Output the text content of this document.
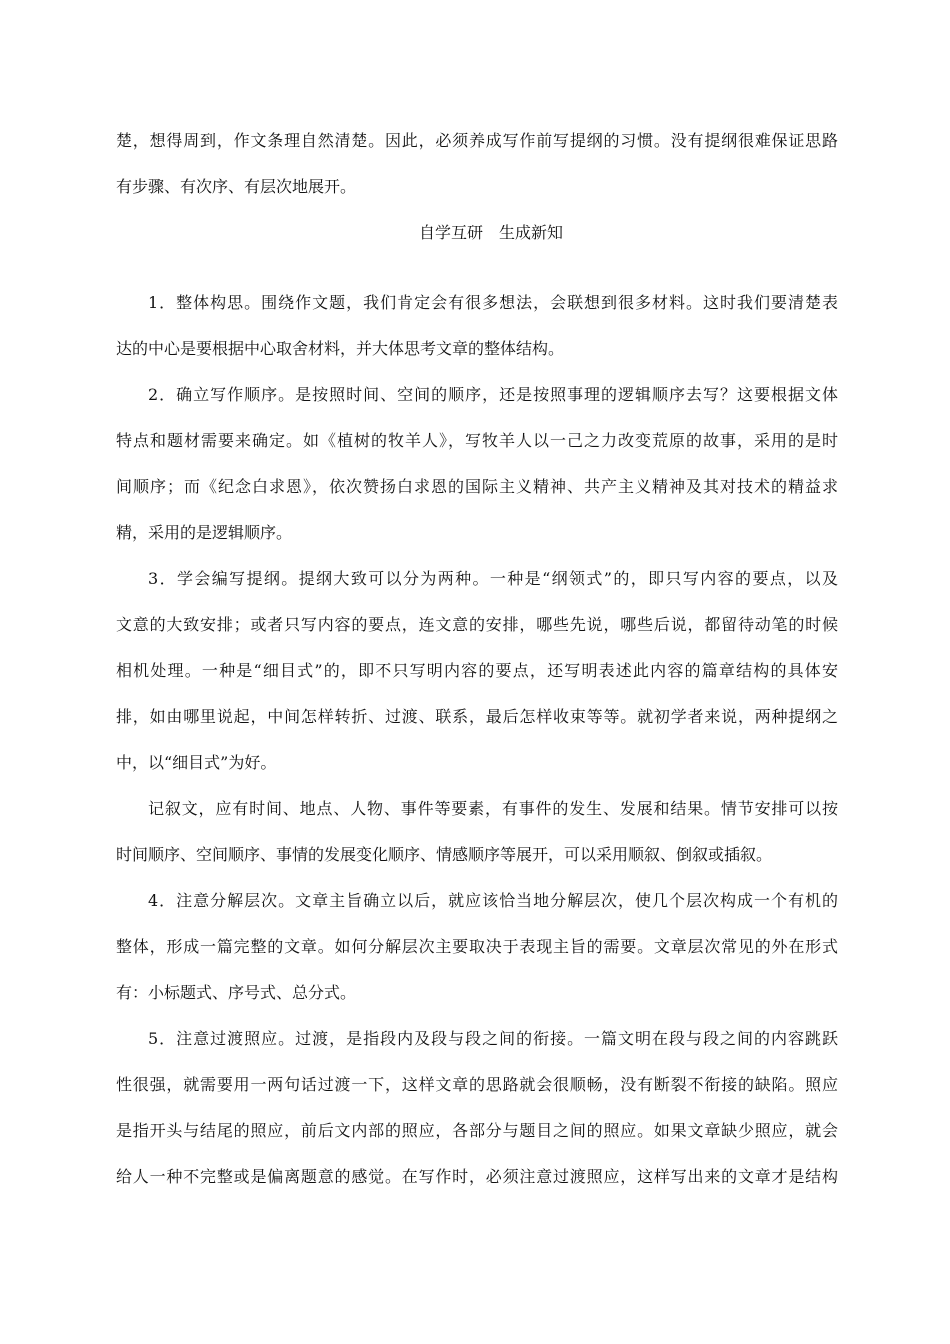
楚，想得周到，作文条理自然清楚。因此，必须养成写作前写提纲的习惯。没有提纲很难保证思路
有步骤、有次序、有层次地展开。
自学互研　生成新知
1．整体构思。围绕作文题，我们肯定会有很多想法，会联想到很多材料。这时我们要清楚表
达的中心是要根据中心取舍材料，并大体思考文章的整体结构。
2．确立写作顺序。是按照时间、空间的顺序，还是按照事理的逻辑顺序去写？这要根据文体
特点和题材需要来确定。如《植树的牧羊人》，写牧羊人以一己之力改变荒原的故事，采用的是时
间顺序；而《纪念白求恩》，依次赞扬白求恩的国际主义精神、共产主义精神及其对技术的精益求
精，采用的是逻辑顺序。
3．学会编写提纲。提纲大致可以分为两种。一种是“纲领式”的，即只写内容的要点，以及
文意的大致安排；或者只写内容的要点，连文意的安排，哪些先说，哪些后说，都留待动笔的时候
相机处理。一种是“细目式”的，即不只写明内容的要点，还写明表述此内容的篇章结构的具体安
排，如由哪里说起，中间怎样转折、过渡、联系，最后怎样收束等等。就初学者来说，两种提纲之
中，以“细目式”为好。
记叙文，应有时间、地点、人物、事件等要素，有事件的发生、发展和结果。情节安排可以按
时间顺序、空间顺序、事情的发展变化顺序、情感顺序等展开，可以采用顺叙、倒叙或插叙。
4．注意分解层次。文章主旨确立以后，就应该恰当地分解层次，使几个层次构成一个有机的
整体，形成一篇完整的文章。如何分解层次主要取决于表现主旨的需要。文章层次常见的外在形式
有：小标题式、序号式、总分式。
5．注意过渡照应。过渡，是指段内及段与段之间的衔接。一篇文明在段与段之间的内容跳跃
性很强，就需要用一两句话过渡一下，这样文章的思路就会很顺畅，没有断裂不衔接的缺陷。照应
是指开头与结尾的照应，前后文内部的照应，各部分与题目之间的照应。如果文章缺少照应，就会
给人一种不完整或是偏离题意的感觉。在写作时，必须注意过渡照应，这样写出来的文章才是结构
